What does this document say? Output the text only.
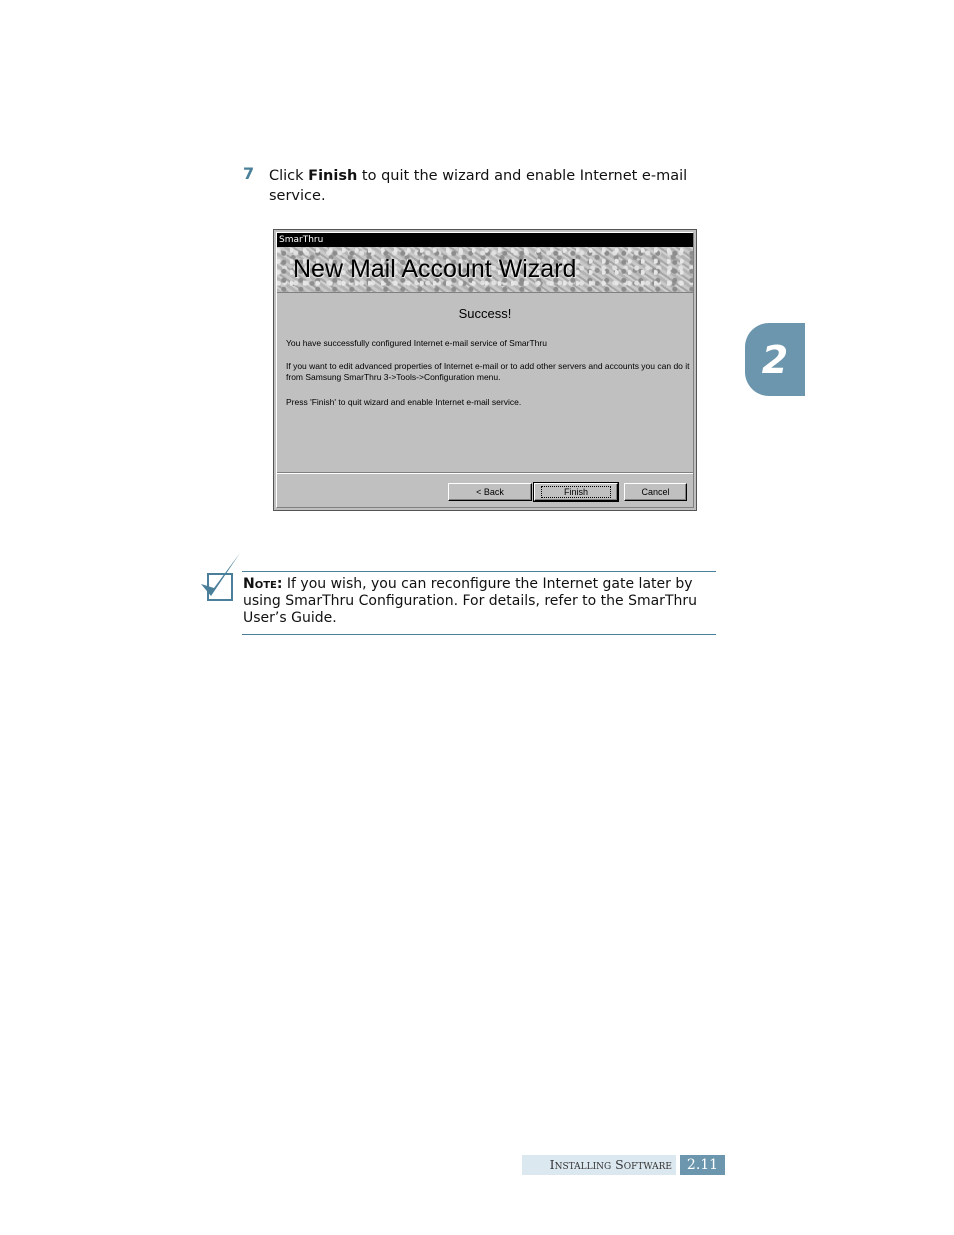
7 Click Finish to quit the wizard and enable Internet e-mail service.
SmarThru
New Mail Account Wizard
Success!
You have successfully configured Internet e-mail service of SmarThru
If you want to edit advanced properties of Internet e-mail or to add other servers and accounts you can do it from Samsung SmarThru 3->Tools->Configuration menu.
Press 'Finish' to quit wizard and enable Internet e-mail service.
< Back	Finish	Cancel
Note: If you wish, you can reconfigure the Internet gate later by using SmarThru Configuration. For details, refer to the SmarThru User’s Guide.
2
Installing Software	2.11
